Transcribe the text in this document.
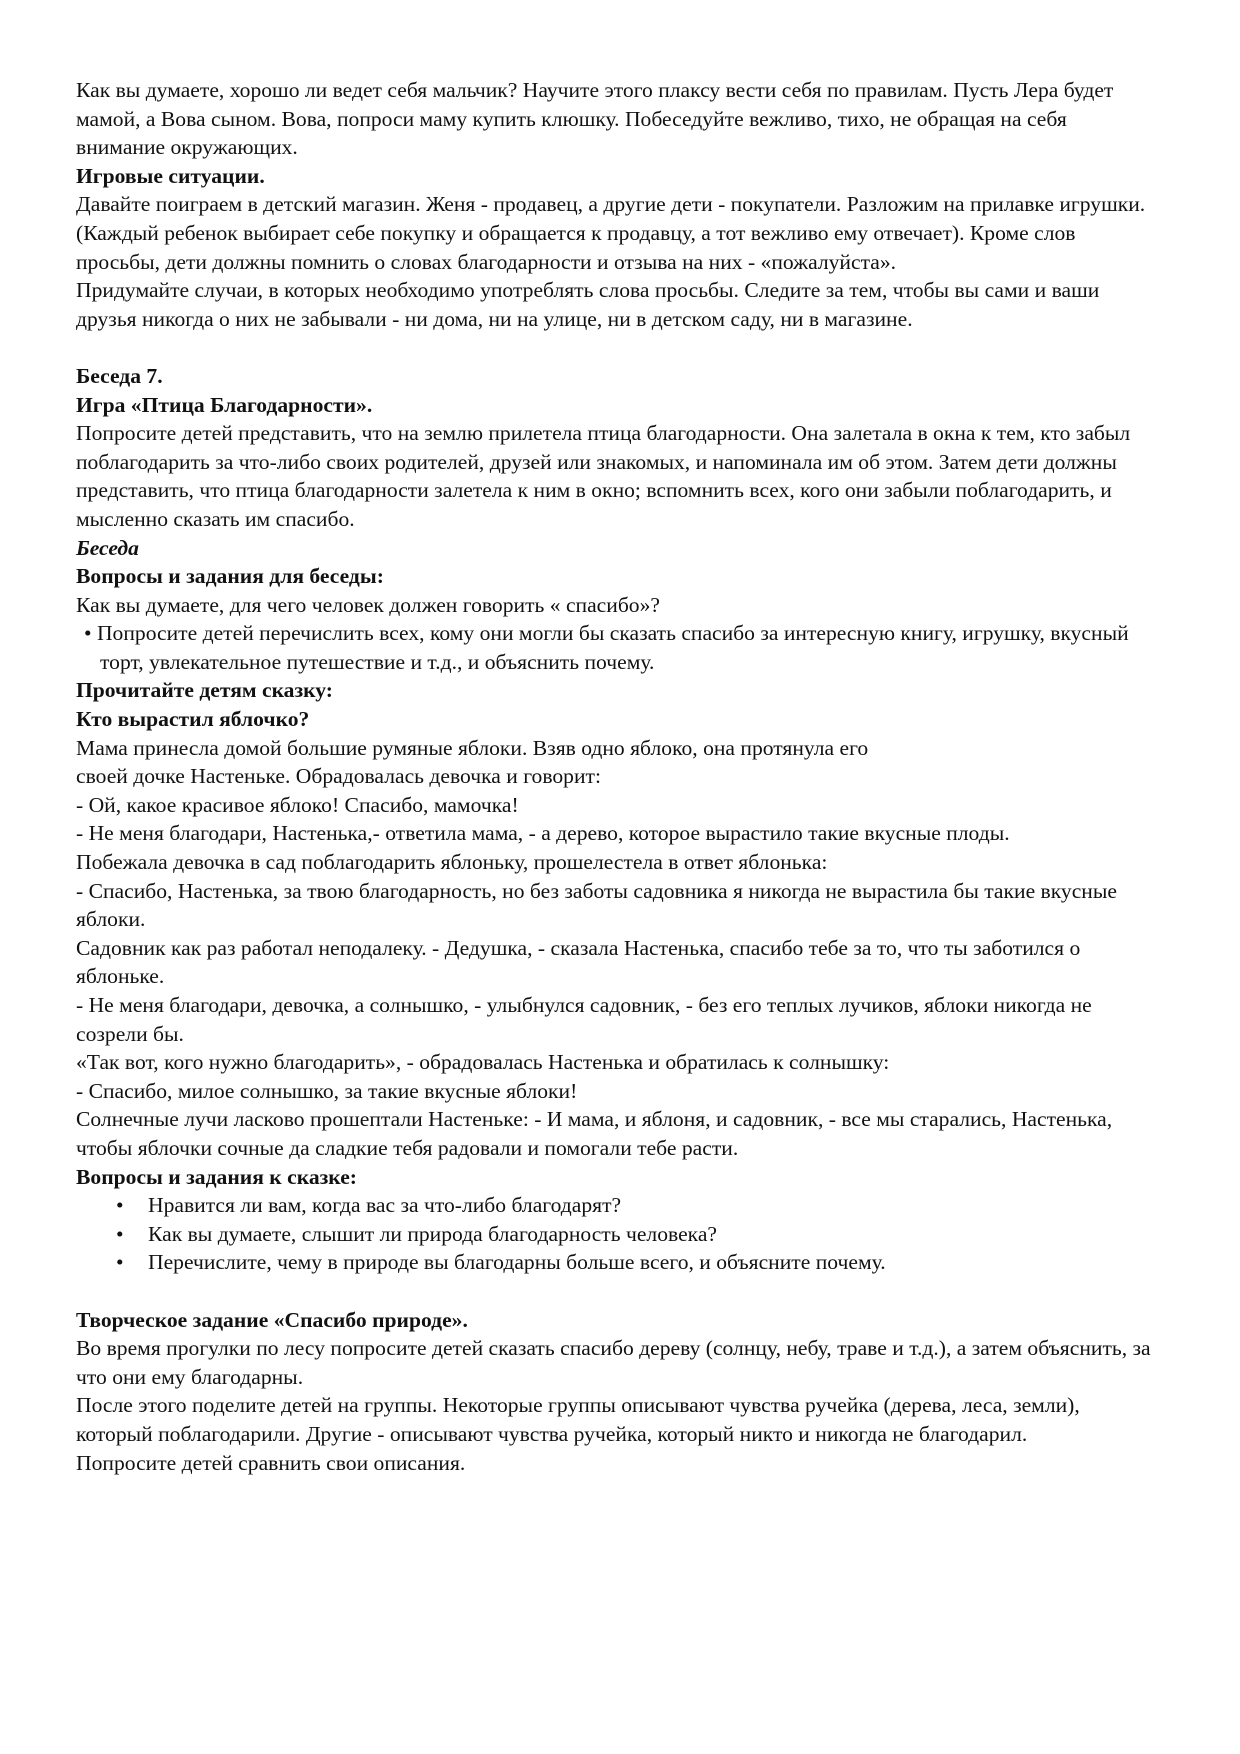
Как вы думаете, хорошо ли ведет себя мальчик? Научите этого плаксу вести себя по правилам. Пусть Лера будет мамой, а Вова сыном. Вова, попроси маму купить клюшку. Побеседуйте вежливо, тихо, не обращая на себя внимание окружающих.

Игровые ситуации.

Давайте поиграем в детский магазин. Женя - продавец, а другие дети - покупатели. Разложим на прилавке игрушки. (Каждый ребенок выбирает себе покупку и обращается к продавцу, а тот вежливо ему отвечает). Кроме слов просьбы, дети должны помнить о словах благодарности и отзыва на них - «пожалуйста».

Придумайте случаи, в которых необходимо употреблять слова просьбы. Следите за тем, чтобы вы сами и ваши друзья никогда о них не забывали - ни дома, ни на улице, ни в детском саду, ни в магазине.

Беседа 7.

Игра «Птица Благодарности».

Попросите детей представить, что на землю прилетела птица благодарности. Она залетала в окна к тем, кто забыл поблагодарить за что-либо своих родителей, друзей или знакомых, и напоминала им об этом. Затем дети должны представить, что птица благодарности залетела к ним в окно; вспомнить всех, кого они забыли поблагодарить, и мысленно сказать им спасибо.

Беседа

Вопросы и задания для беседы:

Как вы думаете, для чего человек должен говорить « спасибо»?

• Попросите детей перечислить всех, кому они могли бы сказать спасибо за интересную книгу, игрушку, вкусный торт, увлекательное путешествие и т.д., и объяснить почему.

Прочитайте детям сказку:

Кто вырастил яблочко?

Мама принесла домой большие румяные яблоки. Взяв одно яблоко, она протянула его

своей дочке Настеньке. Обрадовалась девочка и говорит:

- Ой, какое красивое яблоко! Спасибо, мамочка!

- Не меня благодари, Настенька,- ответила мама, - а дерево, которое вырастило такие вкусные плоды.

Побежала девочка в сад поблагодарить яблоньку, прошелестела в ответ яблонька:

- Спасибо, Настенька, за твою благодарность, но без заботы садовника я никогда не вырастила бы такие вкусные яблоки.

Садовник как раз работал неподалеку. - Дедушка, - сказала Настенька, спасибо тебе за то, что ты заботился о яблоньке.

- Не меня благодари, девочка, а солнышко, - улыбнулся садовник, - без его теплых лучиков, яблоки никогда не созрели бы.

«Так вот, кого нужно благодарить», - обрадовалась Настенька и обратилась к солнышку:

- Спасибо, милое солнышко, за такие вкусные яблоки!

Солнечные лучи ласково прошептали Настеньке: - И мама, и яблоня, и садовник, - все мы старались, Настенька, чтобы яблочки сочные да сладкие тебя радовали и помогали тебе расти.

Вопросы и задания к сказке:

• Нравится ли вам, когда вас за что-либо благодарят?
• Как вы думаете, слышит ли природа благодарность человека?
• Перечислите, чему в природе вы благодарны больше всего, и объясните почему.

Творческое задание «Спасибо природе».

Во время прогулки по лесу попросите детей сказать спасибо дереву (солнцу, небу, траве и т.д.), а затем объяснить, за что они ему благодарны.

После этого поделите детей на группы. Некоторые группы описывают чувства ручейка (дерева, леса, земли), который поблагодарили. Другие - описывают чувства ручейка, который никто и никогда не благодарил.

Попросите детей сравнить свои описания.
